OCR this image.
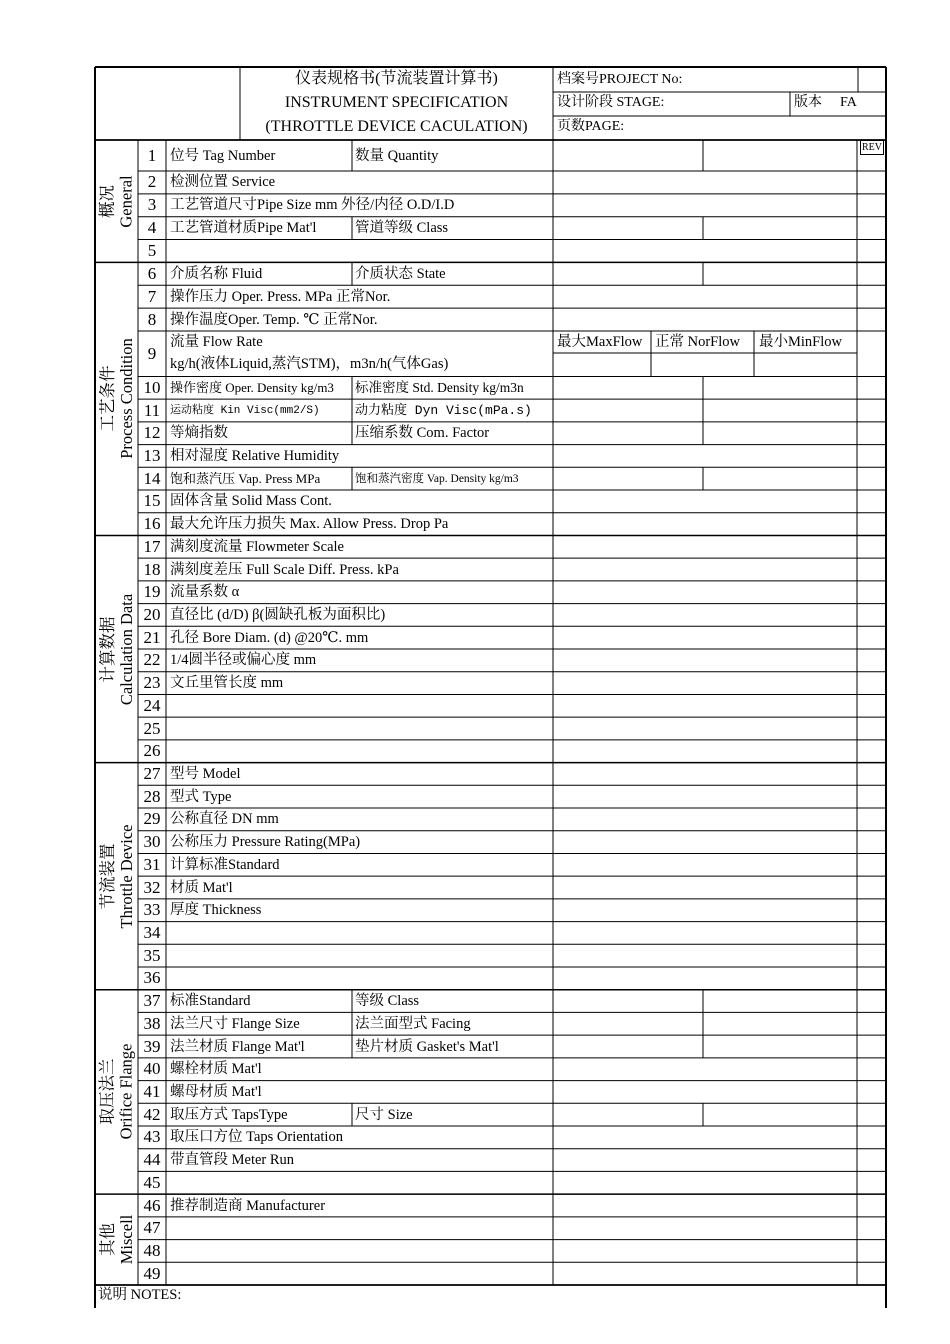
仪表规格书(节流装置计算书)
INSTRUMENT SPECIFICATION
(THROTTLE DEVICE CACULATION)
档案号PROJECT No:
设计阶段 STAGE:	版本 FA
页数PAGE:
REV
1 位号 Tag Number	数量 Quantity
2 检测位置 Service
3 工艺管道尺寸Pipe Size mm 外径/内径 O.D/I.D
4 工艺管道材质Pipe Mat'l	管道等级 Class
5
6 介质名称 Fluid	介质状态 State
7 操作压力 Oper. Press. MPa 正常Nor.
8 操作温度Oper. Temp. ℃ 正常Nor.
9
流量 Flow Rate
kg/h(液体Liquid,蒸汽STM)，m3n/h(气体Gas)
最大MaxFlow 正常 NorFlow 最小MinFlow
10 操作密度 Oper. Density kg/m3 标准密度 Std. Density kg/m3n
11 运动粘度 Kin Visc(mm2/S)	动力粘度 Dyn Visc(mPa.s)
12 等熵指数	压缩系数 Com. Factor
13 相对湿度 Relative Humidity
14 饱和蒸汽压 Vap. Press MPa	饱和蒸汽密度 Vap. Density kg/m3
15 固体含量 Solid Mass Cont.
16 最大允许压力损失 Max. Allow Press. Drop Pa
17 满刻度流量 Flowmeter Scale
18 满刻度差压 Full Scale Diff. Press. kPa
19 流量系数 α
20 直径比 (d/D) β(圆缺孔板为面积比)
21 孔径 Bore Diam. (d) @20℃. mm
22 1/4圆半径或偏心度 mm
23 文丘里管长度 mm
24
25
26
27 型号 Model
28 型式 Type
29 公称直径 DN mm
30 公称压力 Pressure Rating(MPa)
31 计算标准Standard
32 材质 Mat'l
33 厚度 Thickness
34
35
36
37 标准Standard	等级 Class
38 法兰尺寸 Flange Size	法兰面型式 Facing
39 法兰材质 Flange Mat'l	垫片材质 Gasket's Mat'l
40 螺栓材质 Mat'l
41 螺母材质 Mat'l
42 取压方式 TapsType	尺寸 Size
43 取压口方位 Taps Orientation
44 带直管段 Meter Run
45
46 推荐制造商 Manufacturer
47
48
49
概况 General
工艺条件 Process Condition
计算数据 Calculation Data
节流装置 Throttle Device
取压法兰 Orifice Flange
其他 Miscell
说明 NOTES:
